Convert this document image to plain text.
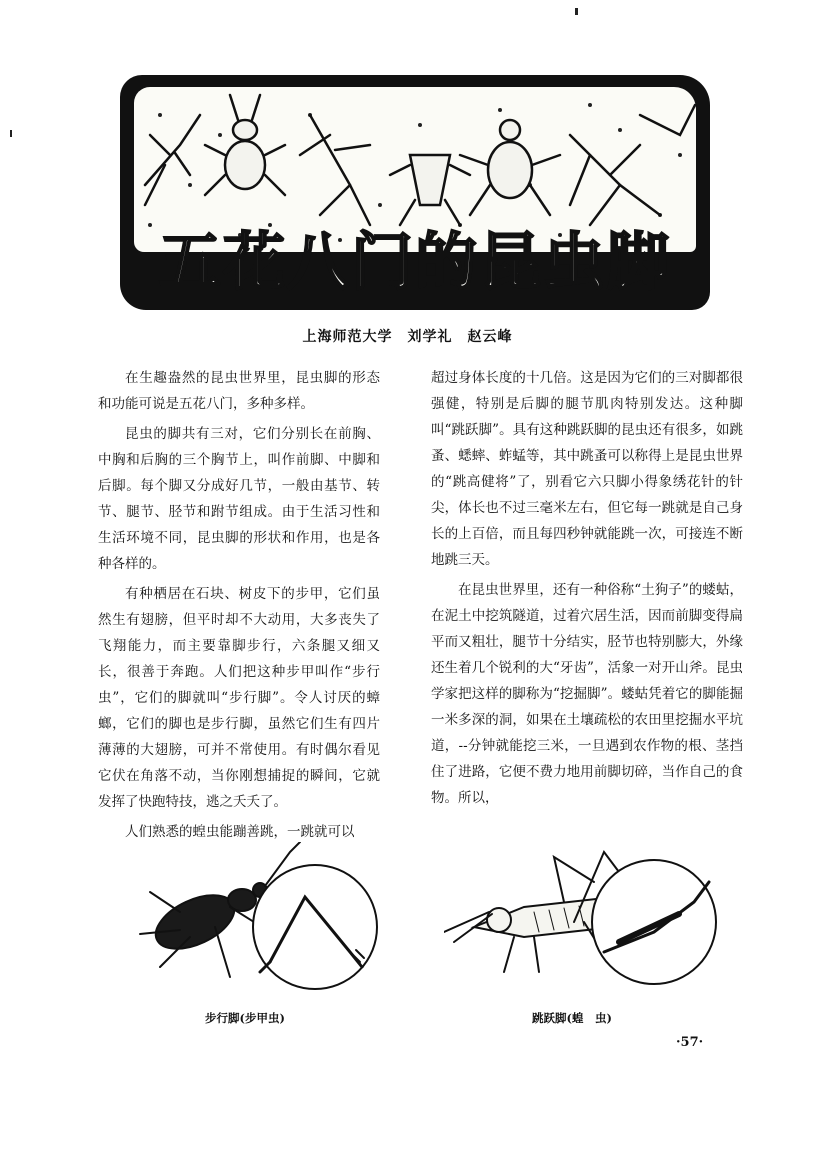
五花八门的昆虫脚
上海师范大学　刘学礼　赵云峰

在生趣盎然的昆虫世界里，昆虫脚的形态和功能可说是五花八门，多种多样。

昆虫的脚共有三对，它们分别长在前胸、中胸和后胸的三个胸节上，叫作前脚、中脚和后脚。每个脚又分成好几节，一般由基节、转节、腿节、胫节和跗节组成。由于生活习性和生活环境不同，昆虫脚的形状和作用，也是各种各样的。

有种栖居在石块、树皮下的步甲，它们虽然生有翅膀，但平时却不大动用，大多丧失了飞翔能力，而主要靠脚步行，六条腿又细又长，很善于奔跑。人们把这种步甲叫作“步行虫”，它们的脚就叫“步行脚”。令人讨厌的蟑螂，它们的脚也是步行脚，虽然它们生有四片薄薄的大翅膀，可并不常使用。有时偶尔看见它伏在角落不动，当你刚想捕捉的瞬间，它就发挥了快跑特技，逃之夭夭了。

人们熟悉的蝗虫能蹦善跳，一跳就可以

超过身体长度的十几倍。这是因为它们的三对脚都很强健，特别是后脚的腿节肌肉特别发达。这种脚叫“跳跃脚”。具有这种跳跃脚的昆虫还有很多，如跳蚤、蟋蟀、蚱蜢等，其中跳蚤可以称得上是昆虫世界的“跳高健将”了，别看它六只脚小得象绣花针的针尖，体长也不过三毫米左右，但它每一跳就是自己身长的上百倍，而且每四秒钟就能跳一次，可接连不断地跳三天。

在昆虫世界里，还有一种俗称“土狗子”的蝼蛄，在泥土中挖筑隧道，过着穴居生活，因而前脚变得扁平而又粗壮，腿节十分结实，胫节也特别膨大，外缘还生着几个锐利的大“牙齿”，活象一对开山斧。昆虫学家把这样的脚称为“挖掘脚”。蝼蛄凭着它的脚能掘一米多深的洞，如果在土壤疏松的农田里挖掘水平坑道，--分钟就能挖三米，一旦遇到农作物的根、茎挡住了进路，它便不费力地用前脚切碎，当作自己的食物。所以，

步行脚(步甲虫)	跳跃脚(蝗　虫)
·57·
